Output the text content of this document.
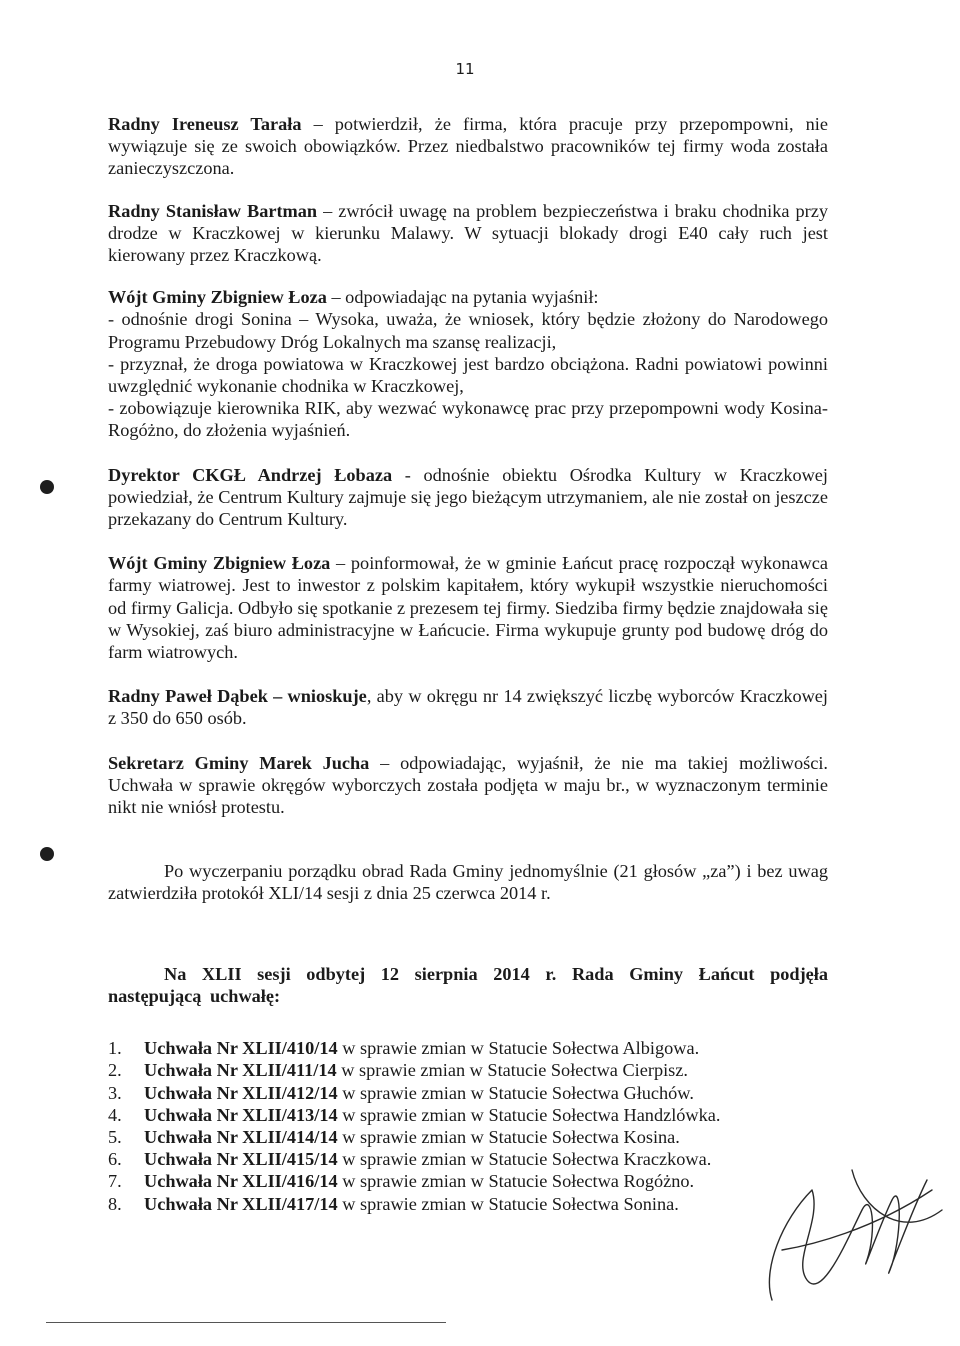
11

Radny Ireneusz Tarała – potwierdził, że firma, która pracuje przy przepompowni, nie wywiązuje się ze swoich obowiązków. Przez niedbalstwo pracowników tej firmy woda została zanieczyszczona.

Radny Stanisław Bartman – zwrócił uwagę na problem bezpieczeństwa i braku chodnika przy drodze w Kraczkowej w kierunku Malawy. W sytuacji blokady drogi E40 cały ruch jest kierowany przez Kraczkową.

Wójt Gminy Zbigniew Łoza – odpowiadając na pytania wyjaśnił:

- odnośnie drogi Sonina – Wysoka, uważa, że wniosek, który będzie złożony do Narodowego Programu Przebudowy Dróg Lokalnych ma szansę realizacji,

- przyznał, że droga powiatowa w Kraczkowej jest bardzo obciążona. Radni powiatowi powinni uwzględnić wykonanie chodnika w Kraczkowej,

- zobowiązuje kierownika RIK, aby wezwać wykonawcę prac przy przepompowni wody Kosina-Rogóżno, do złożenia wyjaśnień.

Dyrektor CKGŁ Andrzej Łobaza - odnośnie obiektu Ośrodka Kultury w Kraczkowej powiedział, że Centrum Kultury zajmuje się jego bieżącym utrzymaniem, ale nie został on jeszcze przekazany do Centrum Kultury.

Wójt Gminy Zbigniew Łoza – poinformował, że w gminie Łańcut pracę rozpoczął wykonawca farmy wiatrowej. Jest to inwestor z polskim kapitałem, który wykupił wszystkie nieruchomości od firmy Galicja. Odbyło się spotkanie z prezesem tej firmy. Siedziba firmy będzie znajdowała się w Wysokiej, zaś biuro administracyjne w Łańcucie. Firma wykupuje grunty pod budowę dróg do farm wiatrowych.

Radny Paweł Dąbek – wnioskuje, aby w okręgu nr 14 zwiększyć liczbę wyborców Kraczkowej z 350 do 650 osób.

Sekretarz Gminy Marek Jucha – odpowiadając, wyjaśnił, że nie ma takiej możliwości. Uchwała w sprawie okręgów wyborczych została podjęta w maju br., w wyznaczonym terminie nikt nie wniósł protestu.

Po wyczerpaniu porządku obrad Rada Gminy jednomyślnie (21 głosów „za”) i bez uwag zatwierdziła protokół XLI/14 sesji z dnia 25 czerwca 2014 r.

Na XLII sesji odbytej 12 sierpnia 2014 r. Rada Gminy Łańcut podjęła następującą uchwałę:

1.	Uchwała Nr XLII/410/14 w sprawie zmian w Statucie Sołectwa Albigowa.
2.	Uchwała Nr XLII/411/14 w sprawie zmian w Statucie Sołectwa Cierpisz.
3.	Uchwała Nr XLII/412/14 w sprawie zmian w Statucie Sołectwa Głuchów.
4.	Uchwała Nr XLII/413/14 w sprawie zmian w Statucie Sołectwa Handzlówka.
5.	Uchwała Nr XLII/414/14 w sprawie zmian w Statucie Sołectwa Kosina.
6.	Uchwała Nr XLII/415/14 w sprawie zmian w Statucie Sołectwa Kraczkowa.
7.	Uchwała Nr XLII/416/14 w sprawie zmian w Statucie Sołectwa Rogóżno.
8.	Uchwała Nr XLII/417/14 w sprawie zmian w Statucie Sołectwa Sonina.
